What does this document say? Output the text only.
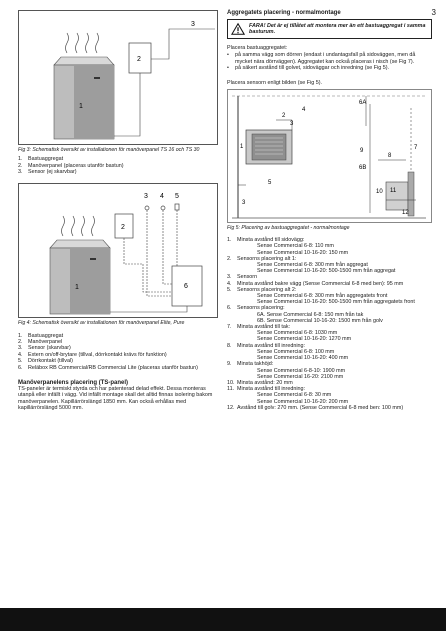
3
3
2
1
Fig 3: Schematisk översikt av installationen för manöverpanel TS 16 och TS 30
1.	Bastuaggregat
2.	Manöverpanel (placeras utanför bastun)
3.	Sensor (ej skarvbar)
3 4 5
2
6
1
Fig 4: Schematisk översikt av installationen för manöverpanel Elite, Pure
1.	Bastuaggregat
2.	Manöverpanel
3.	Sensor (skarvbar)
4.	Extern on/off-brytare (tillval, dörrkontakt krävs för funktion)
5.	Dörrkontakt (tillval)
6.	Reläbox RB Commercial/RB Commercial Lite (placeras utanför bastun)

Manöverpanelens placering (TS-panel)

TS-paneler är termiskt styrda och har patenterad delad effekt. Dessa monteras utanpå eller infällt i vägg. Vid infällt montage skall det alltid finnas isolering bakom manöverpanelen. Kapillärrörslängd 1850 mm. Kan också erhållas med kapillärrörslängd 5000 mm.

Aggregatets placering - normalmontage

FARA! Det är ej tillåtet att montera mer än ett bastuaggregat i samma basturum.

Placera bastuaggregatet:

•	på samma vägg som dörren (endast i undantagsfall på sidoväggen, men då mycket nära dörrväggen). Aggregatet kan också placeras i nisch (se Fig 7).
•	på säkert avstånd till golvet, sidoväggar och inredning (se Fig 5).

Placera sensorn enligt bilden (se Fig 5).

6A
2
4
3
1
5
3
9
6B
8
7
10 11
12
Fig 5: Placering av bastuaggregatet - normalmontage
1.	Minsta avstånd till sidovägg:
Sense Commercial 6-8: 110 mm
Sense Commercial 10-16-20: 150 mm
2.	Sensorns placering alt 1:
Sense Commercial 6-8: 300 mm från aggregat
Sense Commercial 10-16-20: 500-1500 mm från aggregat
3.	Sensorn
4.	Minsta avstånd bakre vägg (Sense Commercial 6-8 med ben): 95 mm
5.	Sensorns placering alt 2:
Sense Commercial 6-8: 300 mm från aggregatets front
Sense Commercial 10-16-20: 500-1500 mm från aggregatets front
6.	Sensorns placering:
6A. Sense Commercial 6-8: 150 mm från tak
6B. Sense Commercial 10-16-20: 1500 mm från golv
7.	Minsta avstånd till tak:
Sense Commercial 6-8: 1030 mm
Sense Commercial 10-16-20: 1270 mm
8.	Minsta avstånd till inredning:
Sense Commercial 6-8: 100 mm
Sense Commercial 10-16-20: 400 mm
9.	Minsta takhöjd:
Sense Commercial 6-8-10: 1900 mm
Sense Commercial 16-20: 2100 mm
10. Minsta avstånd: 20 mm
11. Minsta avstånd till inredning:
Sense Commercial 6-8: 30 mm
Sense Commercial 10-16-20: 200 mm
12. Avstånd till golv: 270 mm. (Sense Commercial 6-8 med ben: 100 mm)
